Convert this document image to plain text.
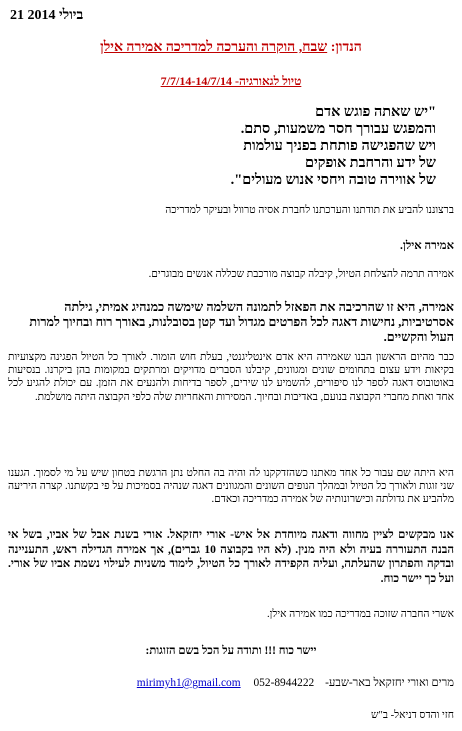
21 ביולי 2014
הנדון: שבח, הוקרה והערכה למדריכה אמירה אילן
טיול לגאורגיה- 7/7/14-14/7/14
"יש שאתה פוגש אדם
והמפגש עבורך חסר משמעות, סתם.
ויש שהפגישה פותחת בפניך עולמות
של ידע והרחבת אופקים
של אווירה טובה ויחסי אנוש מעולים".
ברצוננו להביע את תודתנו והערכתנו לחברת אסיה טרוול ובעיקר למדריכה
אמירה אילן.
אמירה תרמה להצלחת הטיול, קיבלה קבוצה מורכבת שכללה אנשים מבוגרים.
אמירה, היא זו שהרכיבה את הפאזל לתמונה השלמה שימשה כמנהיג אמיתי, גילתה אסרטיביות, נחישות דאגה לכל הפרטים מגדול ועד קטן בסובלנות, באורך רוח ובחיוך למרות העול והקשיים.
כבר מהיום הראשון הבנו שאמירה היא אדם אינטליגנטי, בעלת חוש הומור. לאורך כל הטיול הפגינה מקצועיות בקיאות וידע עצום בתחומים שונים ומגוונים, קיבלנו הסברים מדויקים ומרתקים במקומות בהן ביקרנו. בנסיעות באוטובוס דאגה לספר לנו סיפורים, להשמיע לנו שירים, לספר בדיחות ולהנעים את הזמן. עם יכולת להגיע לכל אחד ואחת מחברי הקבוצה בנועם, באדיבות ובחיוך. המסירות והאחריות שלה כלפי הקבוצה היתה מושלמת.
היא היתה שם עבור כל אחד מאתנו כשהזדקקנו לה והיה בה החלט נתן הרגשת בטחון שיש על מי לסמוך. הגענו שני זוגות ולאורך כל הטיול ובמהלך הנופים השונים והמגוונים דאגה שנהיה בסמיכות על פי בקשתנו. קצרה היריעה מלהביע את גדולתה וכישרונותיה של אמירה כמדריכה וכאדם.
אנו מבקשים לציין מחווה ודאגה מיוחדת אל איש- אורי יחזקאל. אורי בשנת אבל של אביו, בשל אי הבנה התעוררה בעיה ולא היה מנין. (לא היו בקבוצה 10 גברים), אך אמירה הגדילה ראש, התעניינה ובדקה והפתרון שהעלתה, ועליה הקפידה לאורך כל הטיול, לימוד משניות לעילוי נשמת אביו של אורי. ועל כך יישר כוח.
אשרי החברה שזוכה במדריכה כמו אמירה אילן.
יישר כוח !!! ותודה על הכל בשם הזוגות:
מרים ואורי יחזקאל באר-שבע- 052-8944222 mirimyh1@gmail.com
חזי והדס דניאל- ב"ש
